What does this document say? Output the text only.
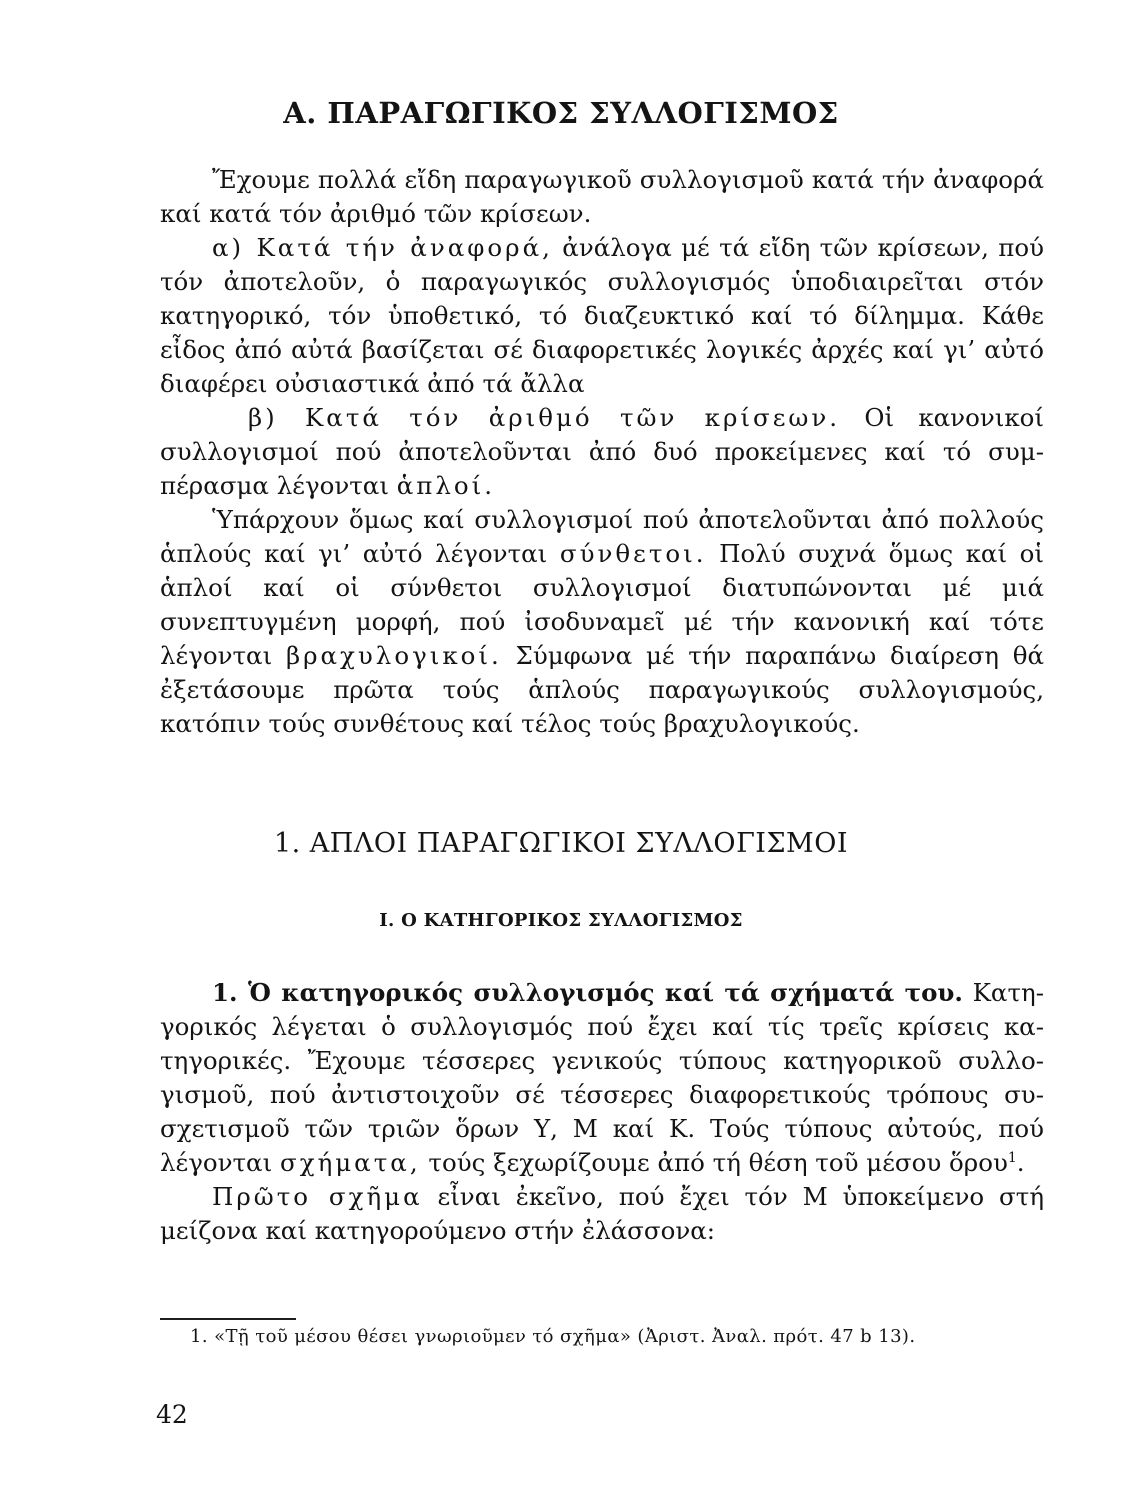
Α. ΠΑΡΑΓΩΓΙΚΟΣ ΣΥΛΛΟΓΙΣΜΟΣ

Ἔχουμε πολλά εἴδη παραγωγικοῦ συλλογισμοῦ κατά τήν ἀναφορά καί κατά τόν ἀριθμό τῶν κρίσεων.

α) Κατά τήν ἀναφορά, ἀνάλογα μέ τά εἴδη τῶν κρίσεων, πού τόν ἀποτελοῦν, ὁ παραγωγικός συλλογισμός ὑποδιαιρεῖται στόν κατηγορικό, τόν ὑποθετικό, τό διαζευκτικό καί τό δίλημμα. Κάθε εἶδος ἀπό αὐτά βασίζεται σέ διαφορετικές λογικές ἀρχές καί γι’ αὐτό διαφέρει οὐσιαστικά ἀπό τά ἄλλα

β) Κατά τόν ἀριθμό τῶν κρίσεων. Οἱ κανονικοί συλλογισμοί πού ἀποτελοῦνται ἀπό δυό προκείμενες καί τό συμπέρασμα λέγονται ἁπλοί.

Ὑπάρχουν ὅμως καί συλλογισμοί πού ἀποτελοῦνται ἀπό πολλούς ἁπλούς καί γι’ αὐτό λέγονται σύνθετοι. Πολύ συχνά ὅμως καί οἱ ἁπλοί καί οἱ σύνθετοι συλλογισμοί διατυπώνονται μέ μιά συνεπτυγμένη μορφή, πού ἰσοδυναμεῖ μέ τήν κανονική καί τότε λέγονται βραχυλογικοί. Σύμφωνα μέ τήν παραπάνω διαίρεση θά ἐξετάσουμε πρῶτα τούς ἁπλούς παραγωγικούς συλλογισμούς, κατόπιν τούς συνθέτους καί τέλος τούς βραχυλογικούς.

1. ΑΠΛΟΙ ΠΑΡΑΓΩΓΙΚΟΙ ΣΥΛΛΟΓΙΣΜΟΙ
Ι. Ο ΚΑΤΗΓΟΡΙΚΟΣ ΣΥΛΛΟΓΙΣΜΟΣ

1. Ὁ κατηγορικός συλλογισμός καί τά σχήματά του. Κατηγορικός λέγεται ὁ συλλογισμός πού ἔχει καί τίς τρεῖς κρίσεις κατηγορικές. Ἔχουμε τέσσερες γενικούς τύπους κατηγορικοῦ συλλογισμοῦ, πού ἀντιστοιχοῦν σέ τέσσερες διαφορετικούς τρόπους συσχετισμοῦ τῶν τριῶν ὅρων Υ, Μ καί Κ. Τούς τύπους αὐτούς, πού λέγονται σχήματα, τούς ξεχωρίζουμε ἀπό τή θέση τοῦ μέσου ὅρου$^1$.

Πρῶτο σχῆμα εἶναι ἐκεῖνο, πού ἔχει τόν Μ ὑποκείμενο στή μείζονα καί κατηγορούμενο στήν ἐλάσσονα:

1. «Τῇ τοῦ μέσου θέσει γνωριοῦμεν τό σχῆμα» (Ἀριστ. Ἀναλ. πρότ. 47 b 13).
42
